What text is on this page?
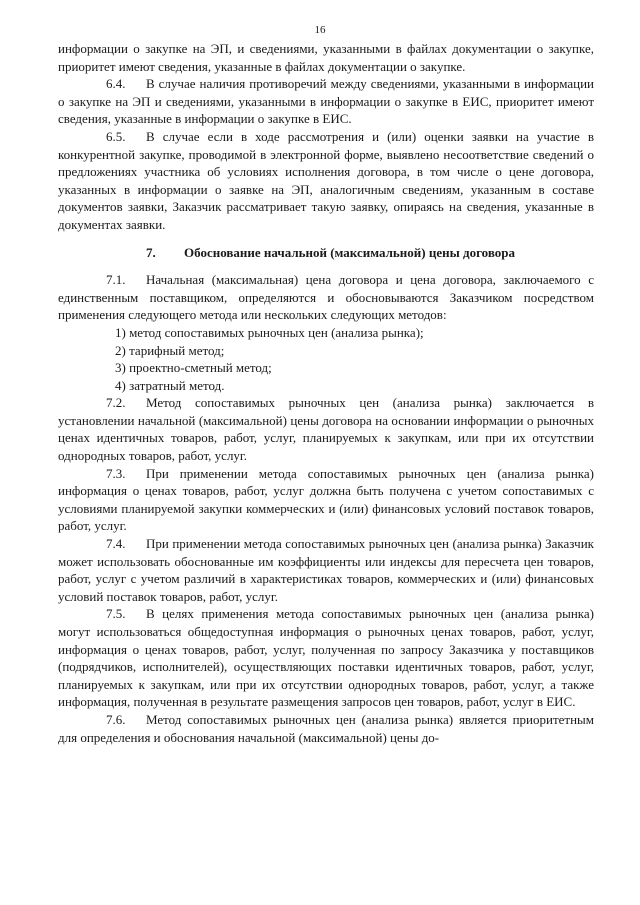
16

информации о закупке на ЭП, и сведениями, указанными в файлах документации о закупке, приоритет имеют сведения, указанные в файлах документации о закупке.

6.4. В случае наличия противоречий между сведениями, указанными в информации о закупке на ЭП и сведениями, указанными в информации о закупке в ЕИС, приоритет имеют сведения, указанные в информации о закупке в ЕИС.

6.5. В случае если в ходе рассмотрения и (или) оценки заявки на участие в конкурентной закупке, проводимой в электронной форме, выявлено несоответствие сведений о предложениях участника об условиях исполнения договора, в том числе о цене договора, указанных в информации о заявке на ЭП, аналогичным сведениям, указанным в составе документов заявки, Заказчик рассматривает такую заявку, опираясь на сведения, указанные в документах заявки.

7. Обоснование начальной (максимальной) цены договора

7.1. Начальная (максимальная) цена договора и цена договора, заключаемого с единственным поставщиком, определяются и обосновываются Заказчиком посредством применения следующего метода или нескольких следующих методов:

1) метод сопоставимых рыночных цен (анализа рынка);

2) тарифный метод;

3) проектно-сметный метод;

4) затратный метод.

7.2. Метод сопоставимых рыночных цен (анализа рынка) заключается в установлении начальной (максимальной) цены договора на основании информации о рыночных ценах идентичных товаров, работ, услуг, планируемых к закупкам, или при их отсутствии однородных товаров, работ, услуг.

7.3. При применении метода сопоставимых рыночных цен (анализа рынка) информация о ценах товаров, работ, услуг должна быть получена с учетом сопоставимых с условиями планируемой закупки коммерческих и (или) финансовых условий поставок товаров, работ, услуг.

7.4. При применении метода сопоставимых рыночных цен (анализа рынка) Заказчик может использовать обоснованные им коэффициенты или индексы для пересчета цен товаров, работ, услуг с учетом различий в характеристиках товаров, коммерческих и (или) финансовых условий поставок товаров, работ, услуг.

7.5. В целях применения метода сопоставимых рыночных цен (анализа рынка) могут использоваться общедоступная информация о рыночных ценах товаров, работ, услуг, информация о ценах товаров, работ, услуг, полученная по запросу Заказчика у поставщиков (подрядчиков, исполнителей), осуществляющих поставки идентичных товаров, работ, услуг, планируемых к закупкам, или при их отсутствии однородных товаров, работ, услуг, а также информация, полученная в результате размещения запросов цен товаров, работ, услуг в ЕИС.

7.6. Метод сопоставимых рыночных цен (анализа рынка) является приоритетным для определения и обоснования начальной (максимальной) цены до-
